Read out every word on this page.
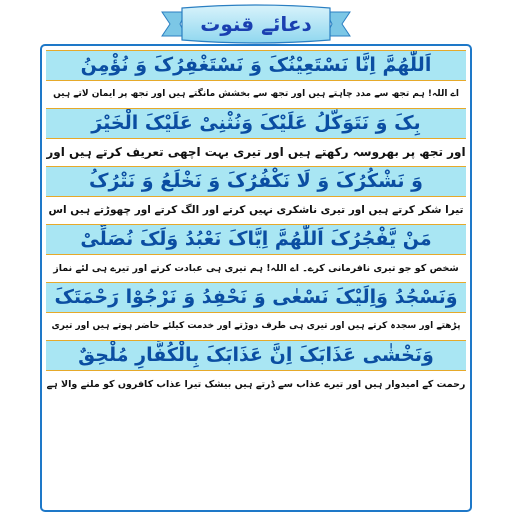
دعائے قنوت
اَللّٰھُمَّ اِنَّا نَسْتَعِیْنُکَ وَ نَسْتَغْفِرُکَ وَ نُؤْمِنُ
اے اللہ! ہم تجھ سے مدد چاہتے ہیں اور تجھ سے بخشش مانگتے ہیں اور تجھ پر ایمان لاتے ہیں
بِکَ وَ نَتَوَکَّلُ عَلَیْکَ وَنُثْنِیْ عَلَیْکَ الْخَیْرَ
اور تجھ پر بھروسہ رکھتے ہیں اور تیری بہت اچھی تعریف کرتے ہیں اور
وَ نَشْکُرُکَ وَ لَا نَکْفُرُکَ وَ نَخْلَعُ وَ نَتْرُکُ
تیرا شکر کرتے ہیں اور تیری ناشکری نہیں کرتے اور الگ کرتے اور چھوڑتے ہیں اس
مَنْ یَّفْجُرُکَ اَللّٰھُمَّ اِیَّاکَ نَعْبُدُ وَلَکَ نُصَلِّیْ
شخص کو جو تیری نافرمانی کرے۔ اے اللہ! ہم تیری ہی عبادت کرتے اور تیرے ہی لئے نماز
وَنَسْجُدُ وَاِلَیْکَ نَسْعٰی وَ نَحْفِدُ وَ نَرْجُوْا رَحْمَتَکَ
پڑھتے اور سجدہ کرتے ہیں اور تیری ہی طرف دوڑتے اور خدمت کیلئے حاضر ہوتے ہیں اور تیری
وَنَخْشٰی عَذَابَکَ اِنَّ عَذَابَکَ بِالْکُفَّارِ مُلْحِقٌ
رحمت کے امیدوار ہیں اور تیرے عذاب سے ڈرتے ہیں بیشک تیرا عذاب کافروں کو ملنے والا ہے
